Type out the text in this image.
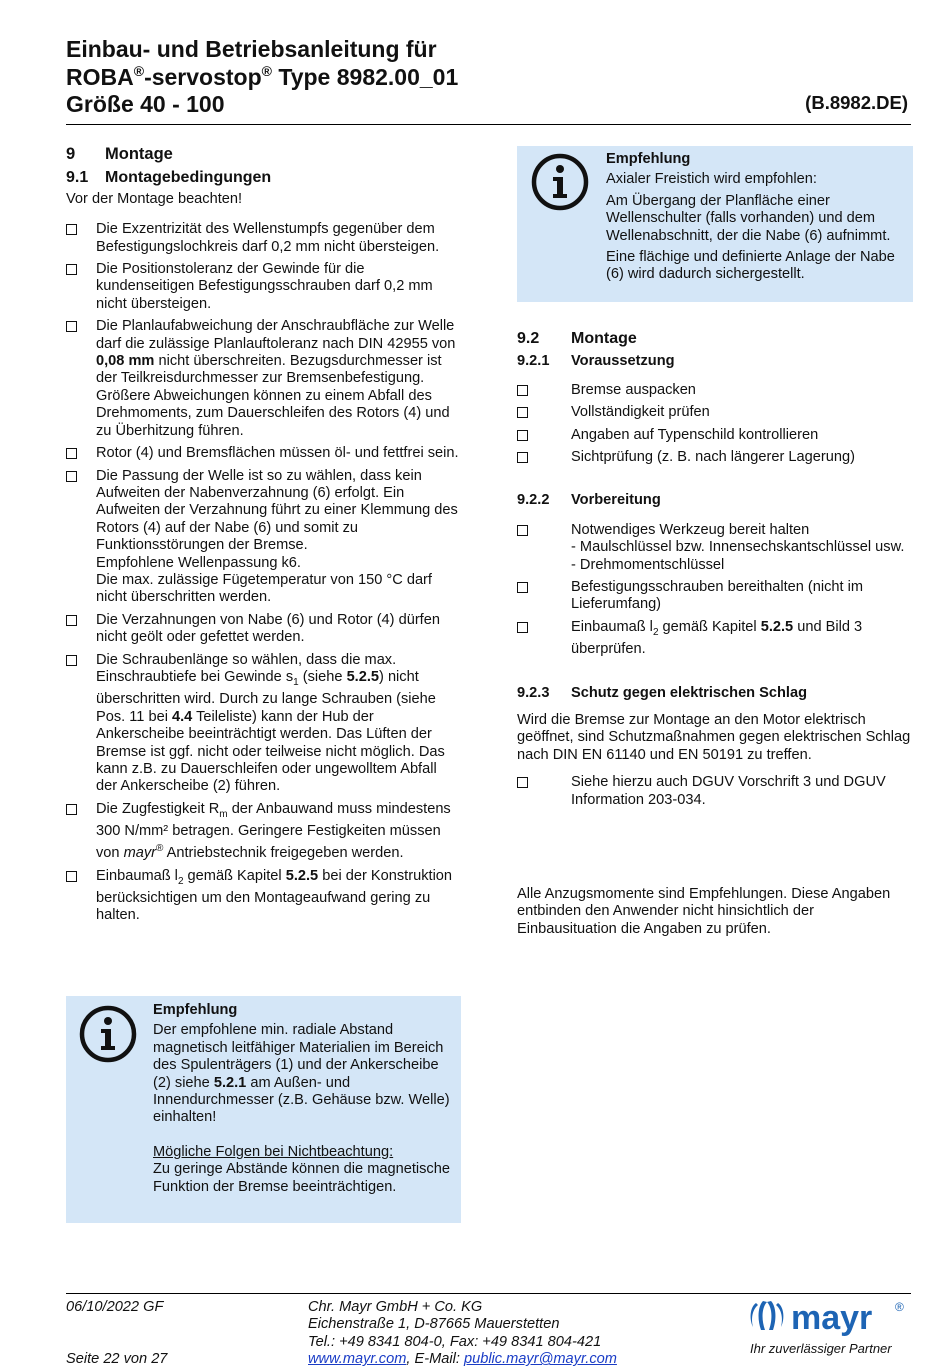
Einbau- und Betriebsanleitung für
ROBA®-servostop® Type 8982.00_01
Größe 40 - 100	(B.8982.DE)
9 Montage
9.1 Montagebedingungen
Vor der Montage beachten!
Die Exzentrizität des Wellenstumpfs gegenüber dem Befestigungslochkreis darf 0,2 mm nicht übersteigen.
Die Positionstoleranz der Gewinde für die kundenseitigen Befestigungsschrauben darf 0,2 mm nicht übersteigen.
Die Planlaufabweichung der Anschraubfläche zur Welle darf die zulässige Planlauftoleranz nach DIN 42955 von 0,08 mm nicht überschreiten. Bezugsdurchmesser ist der Teilkreisdurchmesser zur Bremsenbefestigung.
Größere Abweichungen können zu einem Abfall des Drehmoments, zum Dauerschleifen des Rotors (4) und zu Überhitzung führen.
Rotor (4) und Bremsflächen müssen öl- und fettfrei sein.
Die Passung der Welle ist so zu wählen, dass kein Aufweiten der Nabenverzahnung (6) erfolgt. Ein Aufweiten der Verzahnung führt zu einer Klemmung des Rotors (4) auf der Nabe (6) und somit zu Funktionsstörungen der Bremse.
Empfohlene Wellenpassung k6.
Die max. zulässige Fügetemperatur von 150 °C darf nicht überschritten werden.
Die Verzahnungen von Nabe (6) und Rotor (4) dürfen nicht geölt oder gefettet werden.
Die Schraubenlänge so wählen, dass die max. Einschraubtiefe bei Gewinde $s_1$ (siehe 5.2.5) nicht überschritten wird. Durch zu lange Schrauben (siehe Pos. 11 bei 4.4 Teileliste) kann der Hub der Ankerscheibe beeinträchtigt werden. Das Lüften der Bremse ist ggf. nicht oder teilweise nicht möglich. Das kann z.B. zu Dauerschleifen oder ungewolltem Abfall der Ankerscheibe (2) führen.
Die Zugfestigkeit $R_m$ der Anbauwand muss mindestens 300 N/mm² betragen. Geringere Festigkeiten müssen von mayr® Antriebstechnik freigegeben werden.
Einbaumaß $l_2$ gemäß Kapitel 5.2.5 bei der Konstruktion berücksichtigen um den Montageaufwand gering zu halten.
Empfehlung
Der empfohlene min. radiale Abstand magnetisch leitfähiger Materialien im Bereich des Spulenträgers (1) und der Ankerscheibe (2) siehe 5.2.1 am Außen- und Innendurchmesser (z.B. Gehäuse bzw. Welle) einhalten!
Mögliche Folgen bei Nichtbeachtung:
Zu geringe Abstände können die magnetische Funktion der Bremse beeinträchtigen.
Empfehlung
Axialer Freistich wird empfohlen:
Am Übergang der Planfläche einer Wellenschulter (falls vorhanden) und dem Wellenabschnitt, der die Nabe (6) aufnimmt.
Eine flächige und definierte Anlage der Nabe (6) wird dadurch sichergestellt.
9.2 Montage
9.2.1 Voraussetzung
Bremse auspacken
Vollständigkeit prüfen
Angaben auf Typenschild kontrollieren
Sichtprüfung (z. B. nach längerer Lagerung)
9.2.2 Vorbereitung
Notwendiges Werkzeug bereit halten
- Maulschlüssel bzw. Innensechskantschlüssel usw.
- Drehmomentschlüssel
Befestigungsschrauben bereithalten (nicht im Lieferumfang)
Einbaumaß $l_2$ gemäß Kapitel 5.2.5 und Bild 3 überprüfen.
9.2.3 Schutz gegen elektrischen Schlag
Wird die Bremse zur Montage an den Motor elektrisch geöffnet, sind Schutzmaßnahmen gegen elektrischen Schlag nach DIN EN 61140 und EN 50191 zu treffen.
Siehe hierzu auch DGUV Vorschrift 3 und DGUV Information 203-034.
Alle Anzugsmomente sind Empfehlungen. Diese Angaben entbinden den Anwender nicht hinsichtlich der Einbausituation die Angaben zu prüfen.
06/10/2022 GF
Seite 22 von 27
Chr. Mayr GmbH + Co. KG
Eichenstraße 1, D-87665 Mauerstetten
Tel.: +49 8341 804-0, Fax: +49 8341 804-421
www.mayr.com, E-Mail: public.mayr@mayr.com
mayr ®
Ihr zuverlässiger Partner
